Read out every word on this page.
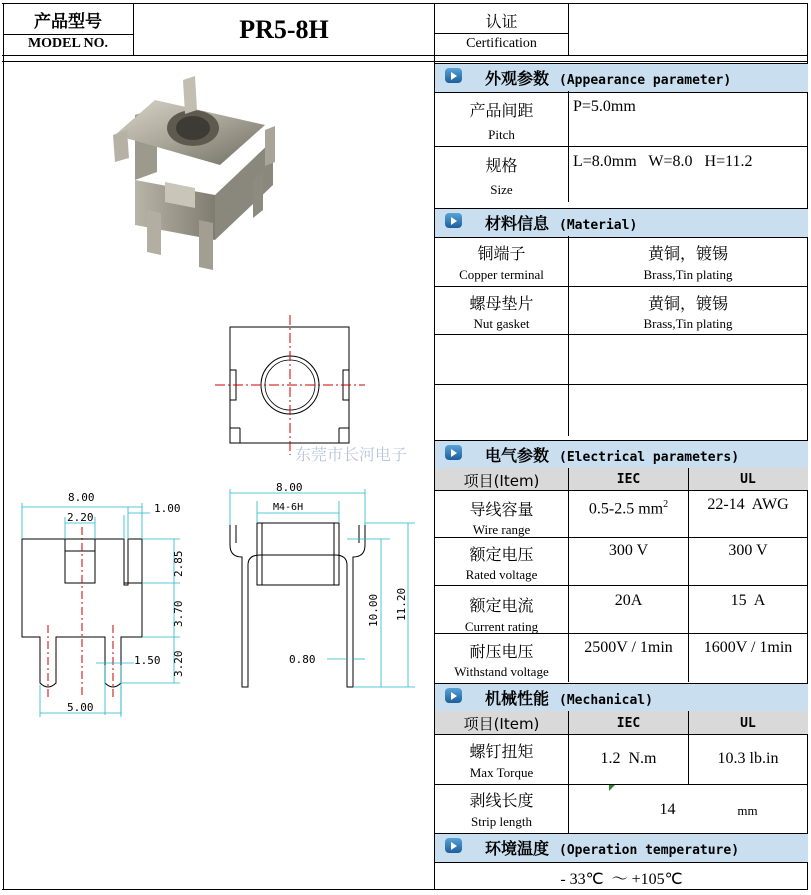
产品型号
MODEL NO.	PR5-8H	认证
Certification
外观参数 (Appearance parameter)
产品间距
Pitch
P=5.0mm
规格
Size
L=8.0mm   W=8.0   H=11.2
材料信息 (Material)
铜端子
Copper terminal
黄铜，镀锡
Brass,Tin plating
螺母垫片
Nut gasket
黄铜，镀锡
Brass,Tin plating
电气参数 (Electrical parameters)
项目(Item)	IEC	UL
导线容量
Wire range
0.5-2.5 $mm^2$	22-14  AWG
额定电压
Rated voltage
300 V	300 V
额定电流
Current rating
20A	15  A
耐压电压
Withstand voltage
2500V / 1min	1600V / 1min
机械性能 (Mechanical)
项目(Item)	IEC	UL
螺钉扭矩
Max Torque
1.2  N.m	10.3 lb.in
剥线长度
Strip length
14	mm
环境温度 (Operation temperature)
- 33℃  ～ +105℃
东莞市长河电子
8.00
2.20
1.00
2.85
3.70
3.20
1.50
5.00
8.00
M4-6H
0.80
10.00 11.20
